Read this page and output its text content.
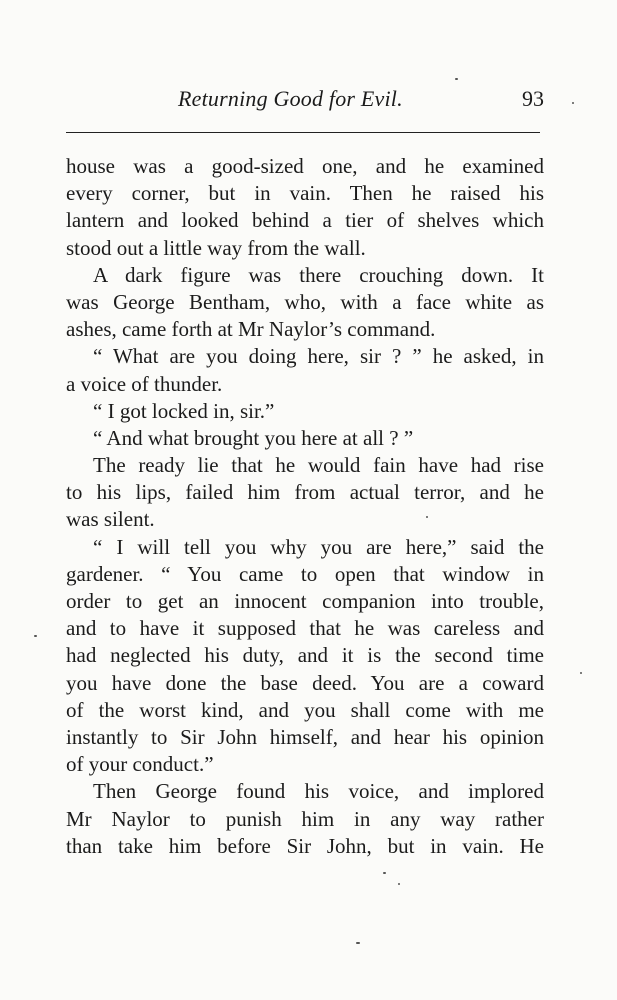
Returning Good for Evil.	93
house was a good-sized one, and he examined
every corner, but in vain. Then he raised his
lantern and looked behind a tier of shelves which
stood out a little way from the wall.
A dark figure was there crouching down. It
was George Bentham, who, with a face white as
ashes, came forth at Mr Naylor’s command.
“ What are you doing here, sir ? ” he asked, in
a voice of thunder.
“ I got locked in, sir.”
“ And what brought you here at all ? ”
The ready lie that he would fain have had rise
to his lips, failed him from actual terror, and he
was silent.
“ I will tell you why you are here,” said the
gardener. “ You came to open that window in
order to get an innocent companion into trouble,
and to have it supposed that he was careless and
had neglected his duty, and it is the second time
you have done the base deed. You are a coward
of the worst kind, and you shall come with me
instantly to Sir John himself, and hear his opinion
of your conduct.”
Then George found his voice, and implored
Mr Naylor to punish him in any way rather
than take him before Sir John, but in vain. He
